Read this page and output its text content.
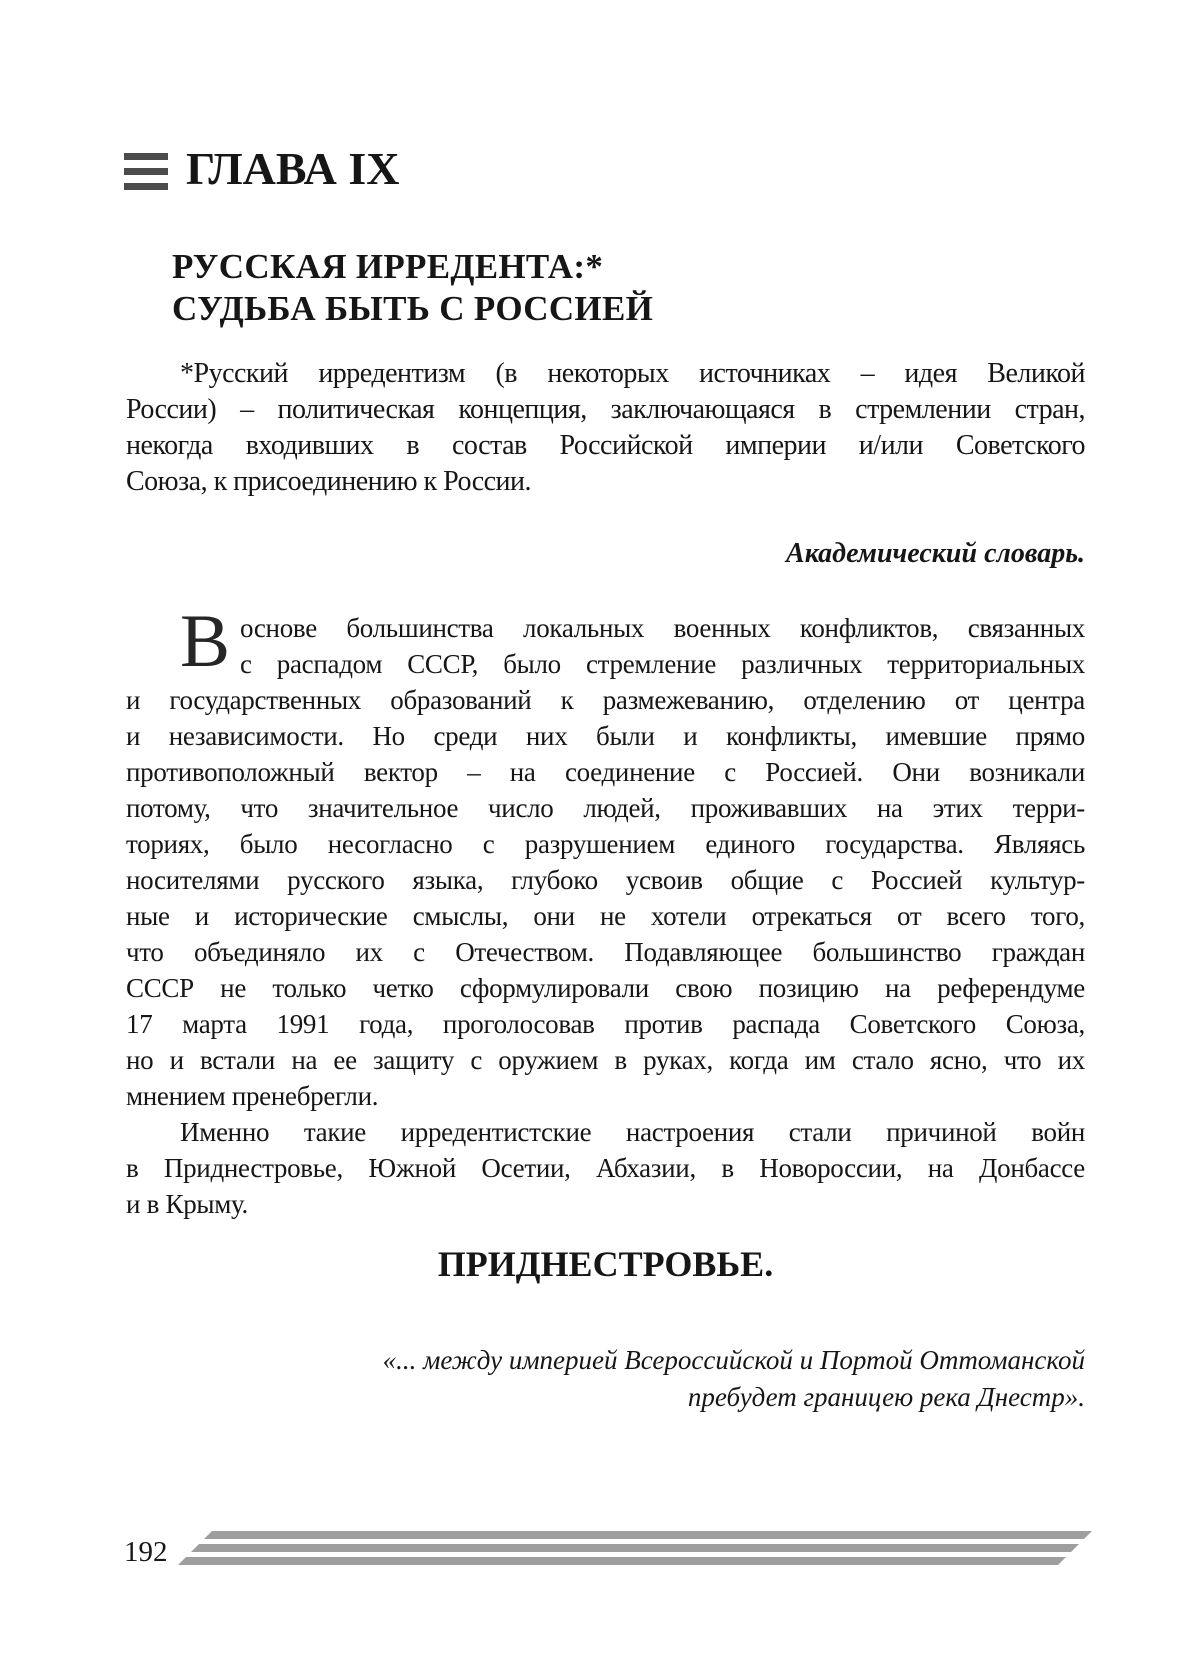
ГЛАВА IX
РУССКАЯ ИРРЕДЕНТА:*
СУДЬБА БЫТЬ С РОССИЕЙ
*Русский ирредентизм (в некоторых источниках – идея Великой
России) – политическая концепция, заключающаяся в стремлении стран,
некогда входивших в состав Российской империи и/или Советского
Союза, к присоединению к России.
Академический словарь.
В основе большинства локальных военных конфликтов, связанных
с распадом СССР, было стремление различных территориальных
и государственных образований к размежеванию, отделению от центра
и независимости. Но среди них были и конфликты, имевшие прямо
противоположный вектор – на соединение с Россией. Они возникали
потому, что значительное число людей, проживавших на этих терри-
ториях, было несогласно с разрушением единого государства. Являясь
носителями русского языка, глубоко усвоив общие с Россией культур-
ные и исторические смыслы, они не хотели отрекаться от всего того,
что объединяло их с Отечеством. Подавляющее большинство граждан
СССР не только четко сформулировали свою позицию на референдуме
17 марта 1991 года, проголосовав против распада Советского Союза,
но и встали на ее защиту с оружием в руках, когда им стало ясно, что их
мнением пренебрегли.
Именно такие ирредентистские настроения стали причиной войн
в Приднестровье, Южной Осетии, Абхазии, в Новороссии, на Донбассе
и в Крыму.
ПРИДНЕСТРОВЬЕ.
«... между империей Всероссийской и Портой Оттоманской
пребудет границею река Днестр».
192
